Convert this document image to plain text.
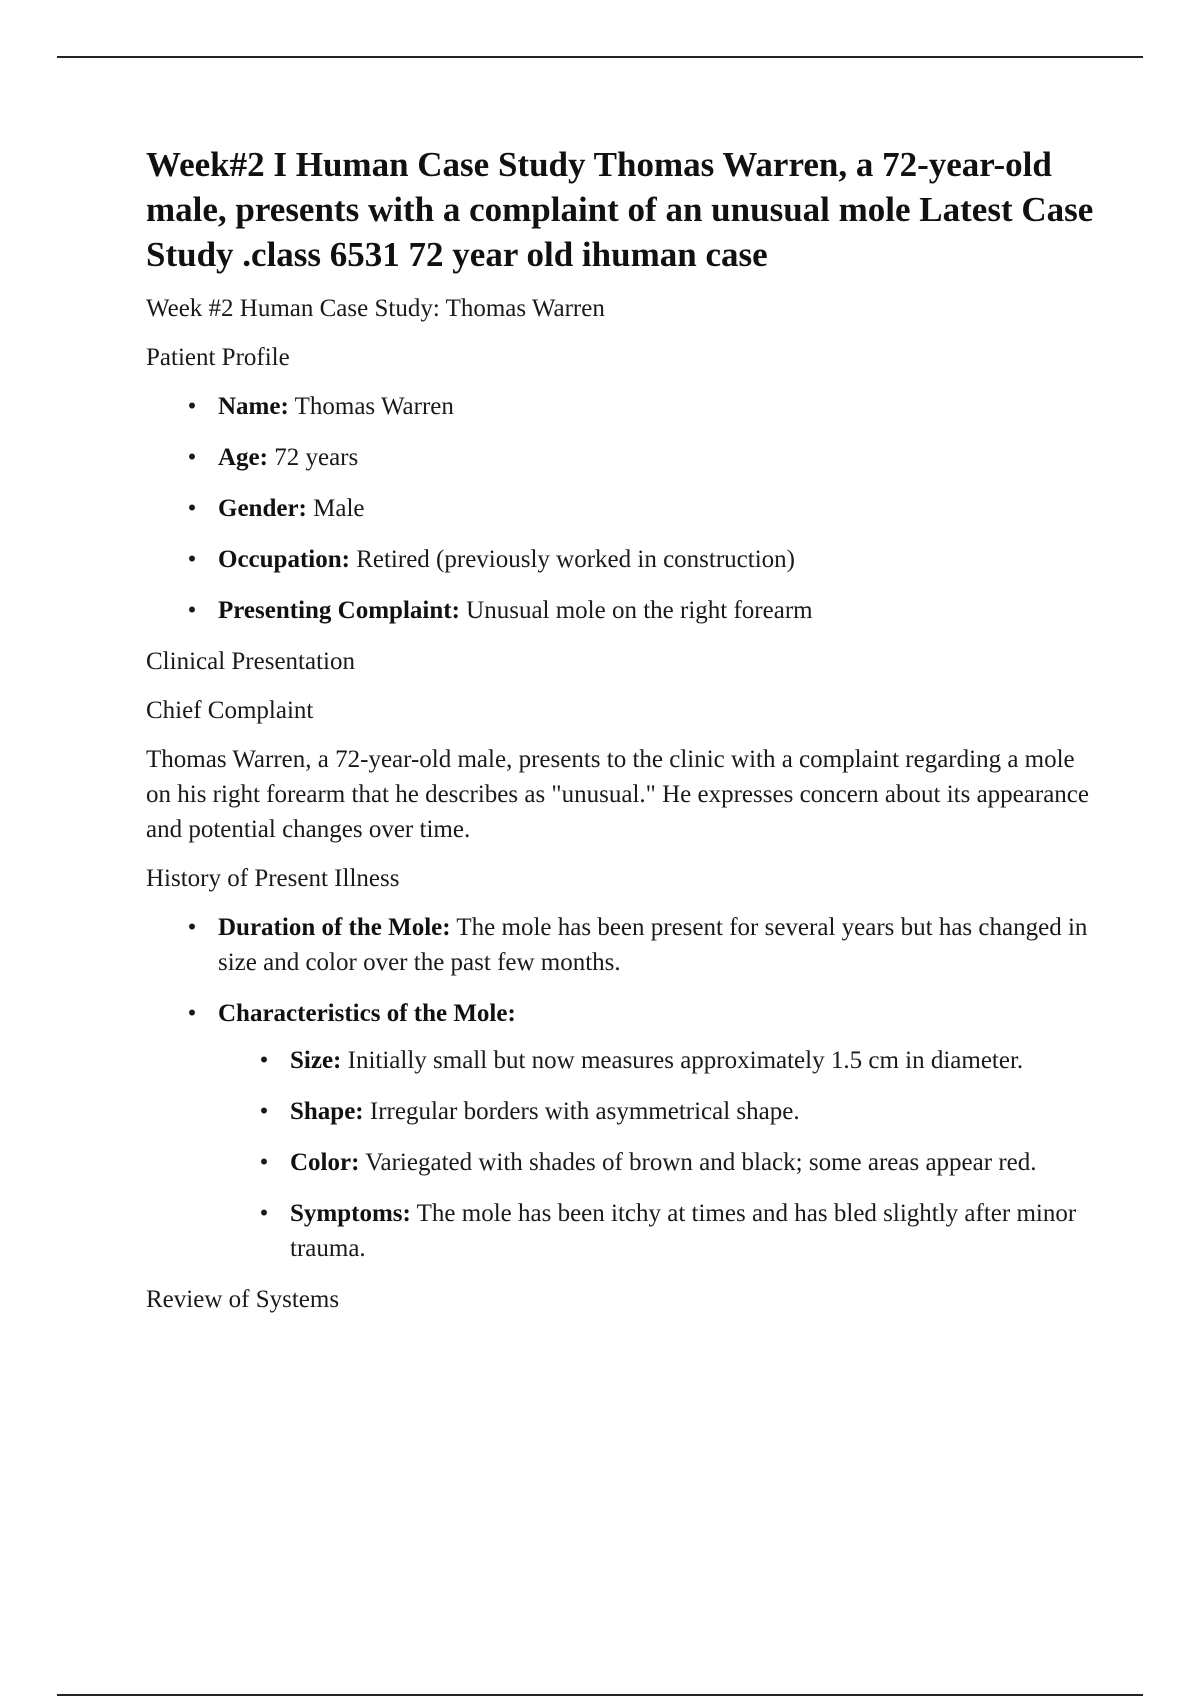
Week#2 I Human Case Study Thomas Warren, a 72-year-old male, presents with a complaint of an unusual mole Latest Case Study .class 6531 72 year old ihuman case

Week #2 Human Case Study: Thomas Warren

Patient Profile

• Name: Thomas Warren
• Age: 72 years
• Gender: Male
• Occupation: Retired (previously worked in construction)
• Presenting Complaint: Unusual mole on the right forearm

Clinical Presentation

Chief Complaint

Thomas Warren, a 72-year-old male, presents to the clinic with a complaint regarding a mole on his right forearm that he describes as "unusual." He expresses concern about its appearance and potential changes over time.

History of Present Illness

• Duration of the Mole: The mole has been present for several years but has changed in size and color over the past few months.
• Characteristics of the Mole:
• Size: Initially small but now measures approximately 1.5 cm in diameter.
• Shape: Irregular borders with asymmetrical shape.
• Color: Variegated with shades of brown and black; some areas appear red.
• Symptoms: The mole has been itchy at times and has bled slightly after minor trauma.

Review of Systems
